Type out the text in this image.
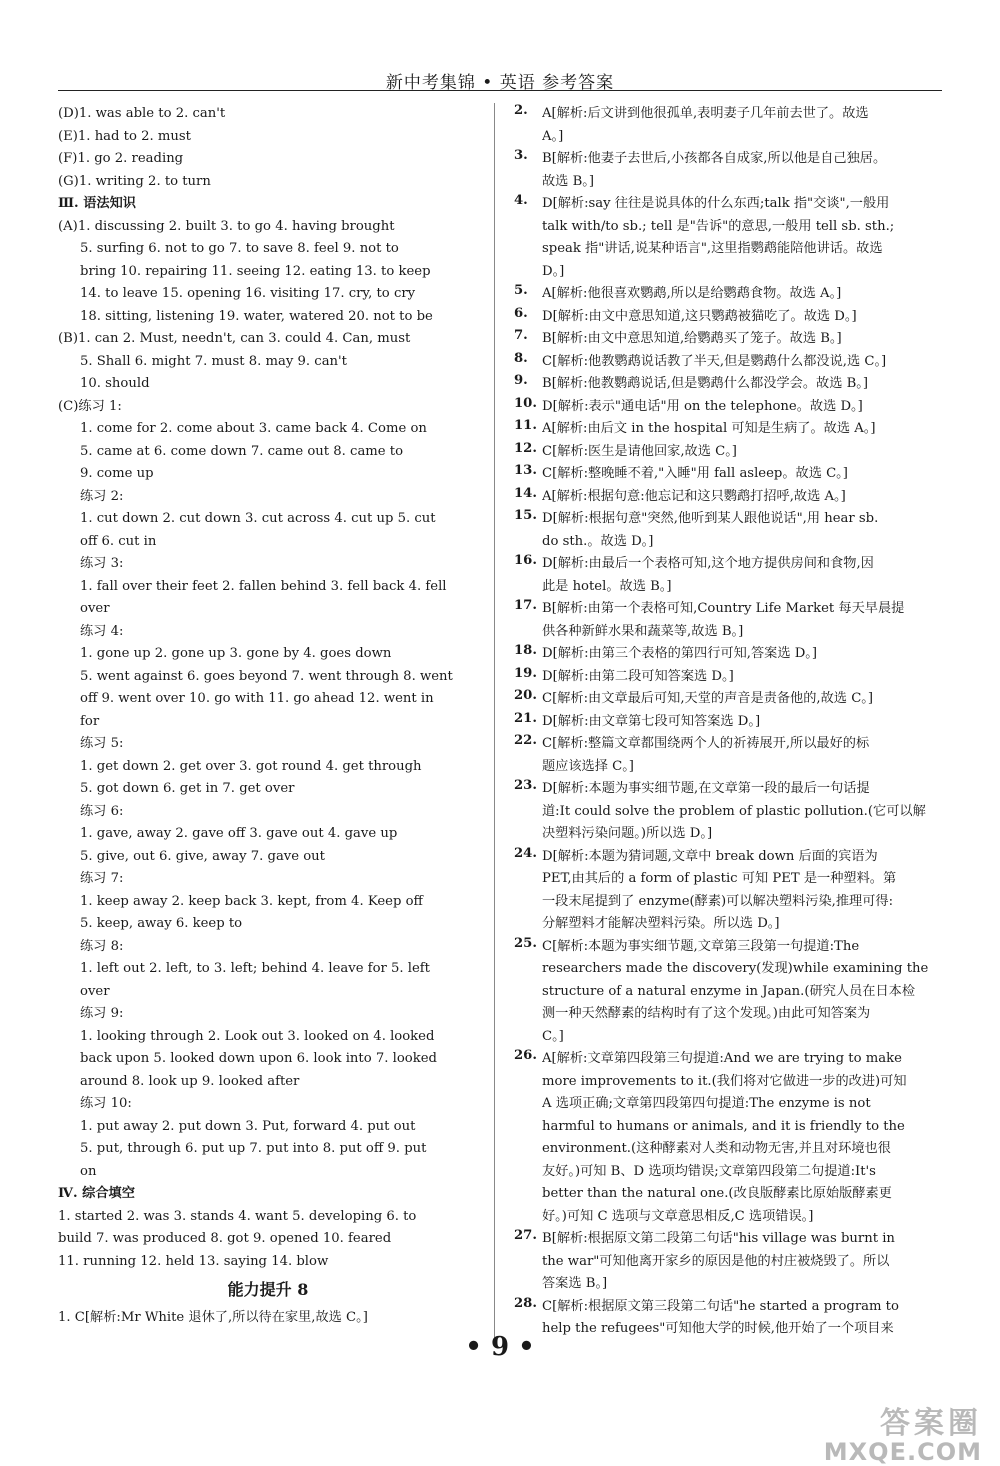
新中考集锦 • 英语 参考答案
(D)1. was able to 2. can't
(E)1. had to 2. must
(F)1. go 2. reading
(G)1. writing 2. to turn
Ⅲ. 语法知识
(A)1. discussing 2. built 3. to go 4. having brought
5. surfing 6. not to go 7. to save 8. feel 9. not to
bring 10. repairing 11. seeing 12. eating 13. to keep
14. to leave 15. opening 16. visiting 17. cry, to cry
18. sitting, listening 19. water, watered 20. not to be
(B)1. can 2. Must, needn't, can 3. could 4. Can, must
5. Shall 6. might 7. must 8. may 9. can't
10. should
(C)练习 1:
1. come for 2. come about 3. came back 4. Come on
5. came at 6. come down 7. came out 8. came to
9. come up
练习 2:
1. cut down 2. cut down 3. cut across 4. cut up 5. cut
off 6. cut in
练习 3:
1. fall over their feet 2. fallen behind 3. fell back 4. fell
over
练习 4:
1. gone up 2. gone up 3. gone by 4. goes down
5. went against 6. goes beyond 7. went through 8. went
off 9. went over 10. go with 11. go ahead 12. went in
for
练习 5:
1. get down 2. get over 3. got round 4. get through
5. got down 6. get in 7. get over
练习 6:
1. gave, away 2. gave off 3. gave out 4. gave up
5. give, out 6. give, away 7. gave out
练习 7:
1. keep away 2. keep back 3. kept, from 4. Keep off
5. keep, away 6. keep to
练习 8:
1. left out 2. left, to 3. left; behind 4. leave for 5. left
over
练习 9:
1. looking through 2. Look out 3. looked on 4. looked
back upon 5. looked down upon 6. look into 7. looked
around 8. look up 9. looked after
练习 10:
1. put away 2. put down 3. Put, forward 4. put out
5. put, through 6. put up 7. put into 8. put off 9. put
on
Ⅳ. 综合填空
1. started 2. was 3. stands 4. want 5. developing 6. to
build 7. was produced 8. got 9. opened 10. feared
11. running 12. held 13. saying 14. blow
能力提升 8
1. C[解析:Mr White 退休了,所以待在家里,故选 C。]
2.	A[解析:后文讲到他很孤单,表明妻子几年前去世了。故选
A。]
3.	B[解析:他妻子去世后,小孩都各自成家,所以他是自己独居。
故选 B。]
4.	D[解析:say 往往是说具体的什么东西;talk 指"交谈",一般用
talk with/to sb.; tell 是"告诉"的意思,一般用 tell sb. sth.;
speak 指"讲话,说某种语言",这里指鹦鹉能陪他讲话。故选
D。]
5.	A[解析:他很喜欢鹦鹉,所以是给鹦鹉食物。故选 A。]
6.	D[解析:由文中意思知道,这只鹦鹉被猫吃了。故选 D。]
7.	B[解析:由文中意思知道,给鹦鹉买了笼子。故选 B。]
8.	C[解析:他教鹦鹉说话教了半天,但是鹦鹉什么都没说,选 C。]
9.	B[解析:他教鹦鹉说话,但是鹦鹉什么都没学会。故选 B。]
10. D[解析:表示"通电话"用 on the telephone。故选 D。]
11. A[解析:由后文 in the hospital 可知是生病了。故选 A。]
12. C[解析:医生是请他回家,故选 C。]
13. C[解析:整晚睡不着,"入睡"用 fall asleep。故选 C。]
14. A[解析:根据句意:他忘记和这只鹦鹉打招呼,故选 A。]
15. D[解析:根据句意"突然,他听到某人跟他说话",用 hear sb.
do sth.。故选 D。]
16. D[解析:由最后一个表格可知,这个地方提供房间和食物,因
此是 hotel。故选 B。]
17. B[解析:由第一个表格可知,Country Life Market 每天早晨提
供各种新鲜水果和蔬菜等,故选 B。]
18. D[解析:由第三个表格的第四行可知,答案选 D。]
19. D[解析:由第二段可知答案选 D。]
20. C[解析:由文章最后可知,天堂的声音是责备他的,故选 C。]
21. D[解析:由文章第七段可知答案选 D。]
22. C[解析:整篇文章都围绕两个人的祈祷展开,所以最好的标
题应该选择 C。]
23. D[解析:本题为事实细节题,在文章第一段的最后一句话提
道:It could solve the problem of plastic pollution.(它可以解
决塑料污染问题。)所以选 D。]
24. D[解析:本题为猜词题,文章中 break down 后面的宾语为
PET,由其后的 a form of plastic 可知 PET 是一种塑料。第
一段末尾提到了 enzyme(酵素)可以解决塑料污染,推理可得:
分解塑料才能解决塑料污染。所以选 D。]
25. C[解析:本题为事实细节题,文章第三段第一句提道:The
researchers made the discovery(发现)while examining the
structure of a natural enzyme in Japan.(研究人员在日本检
测一种天然酵素的结构时有了这个发现。)由此可知答案为
C。]
26. A[解析:文章第四段第三句提道:And we are trying to make
more improvements to it.(我们将对它做进一步的改进)可知
A 选项正确;文章第四段第四句提道:The enzyme is not
harmful to humans or animals, and it is friendly to the
environment.(这种酵素对人类和动物无害,并且对环境也很
友好。)可知 B、D 选项均错误;文章第四段第二句提道:It's
better than the natural one.(改良版酵素比原始版酵素更
好。)可知 C 选项与文章意思相反,C 选项错误。]
27. B[解析:根据原文第二段第二句话"his village was burnt in
the war"可知他离开家乡的原因是他的村庄被烧毁了。所以
答案选 B。]
28. C[解析:根据原文第三段第二句话"he started a program to
help the refugees"可知他大学的时候,他开始了一个项目来
• 9 •
答案圈
MXQE.COM
